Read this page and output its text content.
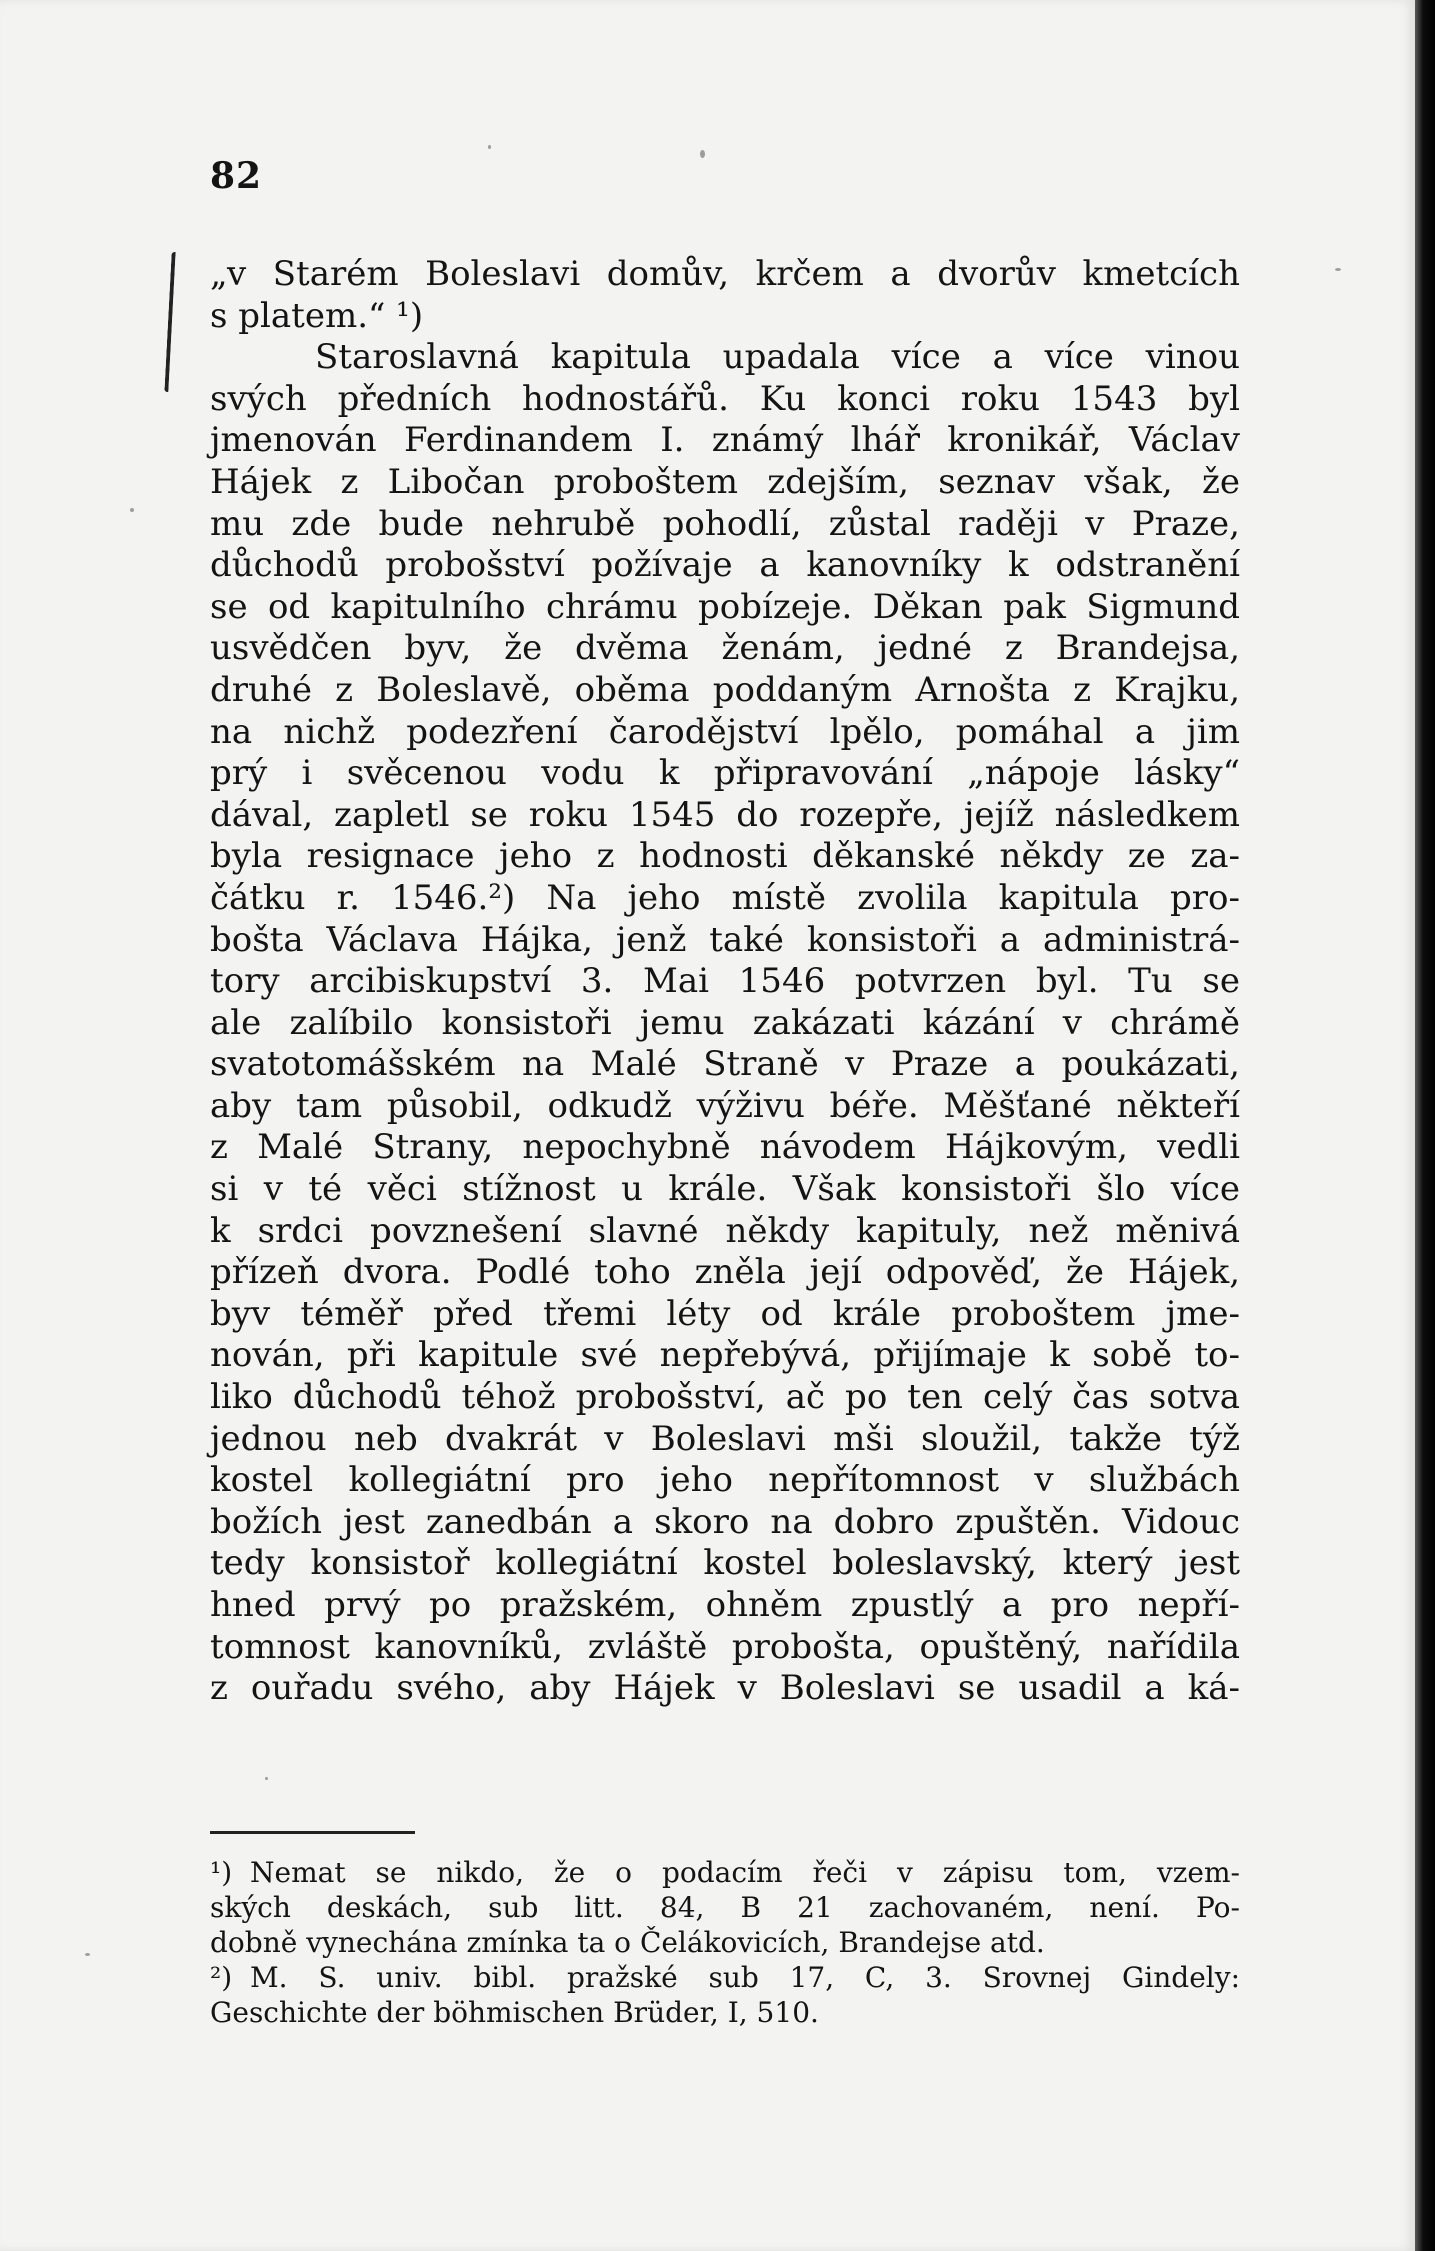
82
„v Starém Boleslavi domův, krčem a dvorův kmetcích
s platem.“ ¹)
Staroslavná kapitula upadala více a více vinou
svých předních hodnostářů. Ku konci roku 1543 byl
jmenován Ferdinandem I. známý lhář kronikář, Václav
Hájek z Libočan proboštem zdejším, seznav však, že
mu zde bude nehrubě pohodlí, zůstal raději v Praze,
důchodů probošství požívaje a kanovníky k odstranění
se od kapitulního chrámu pobízeje. Děkan pak Sigmund
usvědčen byv, že dvěma ženám, jedné z Brandejsa,
druhé z Boleslavě, oběma poddaným Arnošta z Krajku,
na nichž podezření čarodějství lpělo, pomáhal a jim
prý i svěcenou vodu k připravování „nápoje lásky“
dával, zapletl se roku 1545 do rozepře, jejíž následkem
byla resignace jeho z hodnosti děkanské někdy ze za-
čátku r. 1546.²) Na jeho místě zvolila kapitula pro-
bošta Václava Hájka, jenž také konsistoři a administrá-
tory arcibiskupství 3. Mai 1546 potvrzen byl. Tu se
ale zalíbilo konsistoři jemu zakázati kázání v chrámě
svatotomášském na Malé Straně v Praze a poukázati,
aby tam působil, odkudž výživu béře. Měšťané někteří
z Malé Strany, nepochybně návodem Hájkovým, vedli
si v té věci stížnost u krále. Však konsistoři šlo více
k srdci povznešení slavné někdy kapituly, než měnivá
přízeň dvora. Podlé toho zněla její odpověď, že Hájek,
byv téměř před třemi léty od krále proboštem jme-
nován, při kapitule své nepřebývá, přijímaje k sobě to-
liko důchodů téhož probošství, ač po ten celý čas sotva
jednou neb dvakrát v Boleslavi mši sloužil, takže týž
kostel kollegiátní pro jeho nepřítomnost v službách
božích jest zanedbán a skoro na dobro zpuštěn. Vidouc
tedy konsistoř kollegiátní kostel boleslavský, který jest
hned prvý po pražském, ohněm zpustlý a pro nepří-
tomnost kanovníků, zvláště probošta, opuštěný, nařídila
z ouřadu svého, aby Hájek v Boleslavi se usadil a ká-
¹) Nemat se nikdo, že o podacím řeči v zápisu tom, vzem-
ských deskách, sub litt. 84, B 21 zachovaném, není. Po-
dobně vynechána zmínka ta o Čelákovicích, Brandejse atd.
²) M. S. univ. bibl. pražské sub 17, C, 3. Srovnej Gindely:
Geschichte der böhmischen Brüder, I, 510.
